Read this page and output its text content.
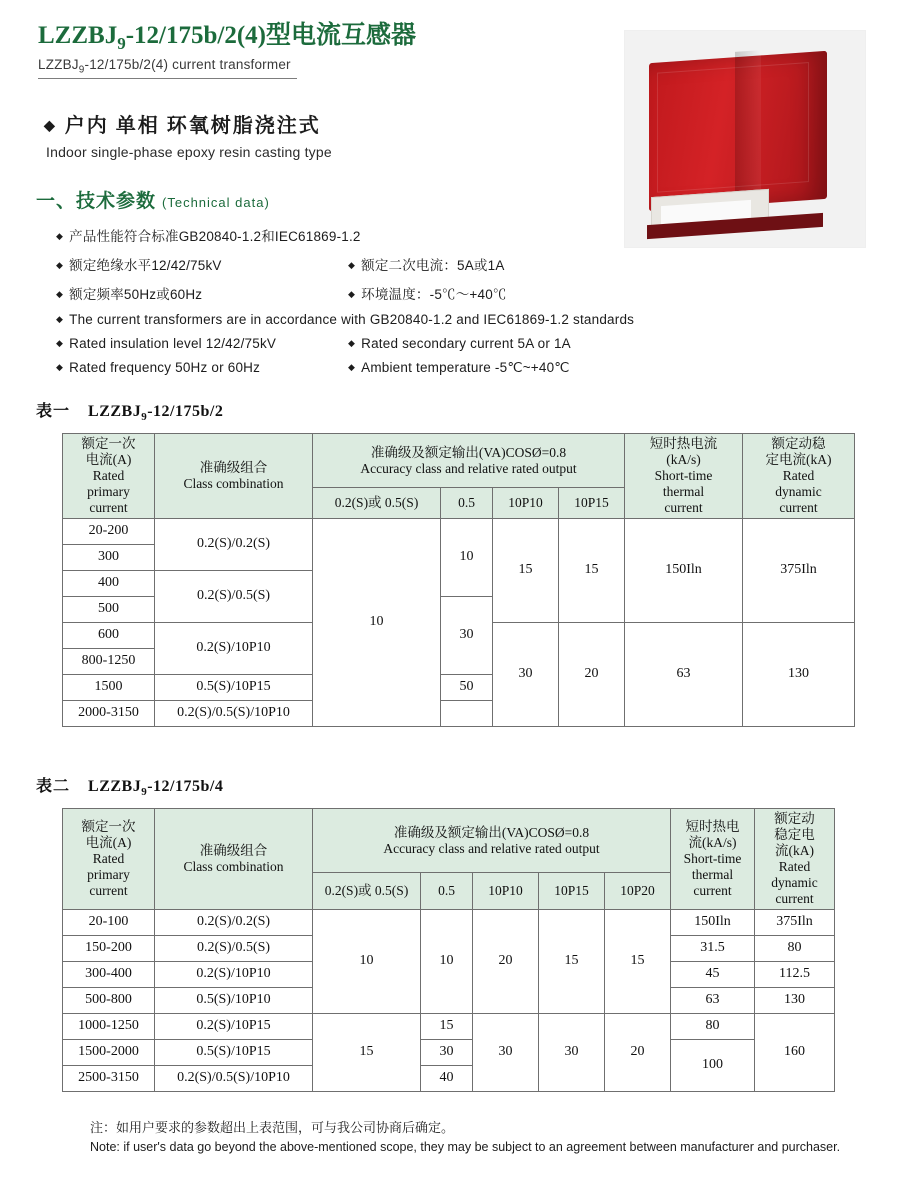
$LZZBJ_9-12/175b/2(4)$型电流互感器
$LZZBJ_9-12/175b/2(4)$ current transformer
◆ 户内 单相 环氧树脂浇注式
Indoor single-phase epoxy resin casting type
一、技术参数 (Technical data)
◆ 产品性能符合标准GB20840-1.2和IEC61869-1.2
◆ 额定绝缘水平12/42/75kV	◆ 额定二次电流：5A或1A
◆ 额定频率50Hz或60Hz	◆ 环境温度：-5℃～+40℃
◆ The current transformers are in accordance with GB20840-1.2 and IEC61869-1.2 standards
◆ Rated insulation level 12/42/75kV	◆ Rated secondary current 5A or 1A
◆ Rated frequency 50Hz or 60Hz	◆ Ambient temperature -5℃~+40℃
表一 $LZZBJ_9-12/175b/2$
额定一次
电流(A)
Rated
primary
current

准确级组合
Class combination

准确级及额定输出(VA)COSØ=0.8
Accuracy class and relative rated output

短时热电流
(kA/s)
Short-time
thermal
current

额定动稳
定电流(kA)
Rated
dynamic
current

		0.2(S)或 0.5(S)	0.5	10P10	10P15		
20-200	0.2(S)/0.2(S)	10	10	15	15	150Iln	375Iln
300							
400	0.2(S)/0.5(S)						
500			30				
600	0.2(S)/10P10			30	20	63	130
800-1250							
1500	0.5(S)/10P15		50				
2000-3150	0.2(S)/0.5(S)/10P10						
表二 $LZZBJ_9-12/175b/4$
额定一次
电流(A)
Rated
primary
current

准确级组合
Class combination

准确级及额定输出(VA)COSØ=0.8
Accuracy class and relative rated output

短时热电
流(kA/s)
Short-time
thermal
current

额定动
稳定电
流(kA)
Rated
dynamic
current

		0.2(S)或 0.5(S)	0.5	10P10	10P15	10P20		
20-100	0.2(S)/0.2(S)	10	10	20	15	15	150Iln	375Iln
150-200	0.2(S)/0.5(S)						31.5	80
300-400	0.2(S)/10P10						45	112.5
500-800	0.5(S)/10P10						63	130
1000-1250	0.2(S)/10P15	15	15	30	30	20	80	160
1500-2000	0.5(S)/10P15		30				100	
2500-3150	0.2(S)/0.5(S)/10P10		40					
注：如用户要求的参数超出上表范围，可与我公司协商后确定。
Note: if user's data go beyond the above-mentioned scope, they may be subject to an agreement between manufacturer and purchaser.
